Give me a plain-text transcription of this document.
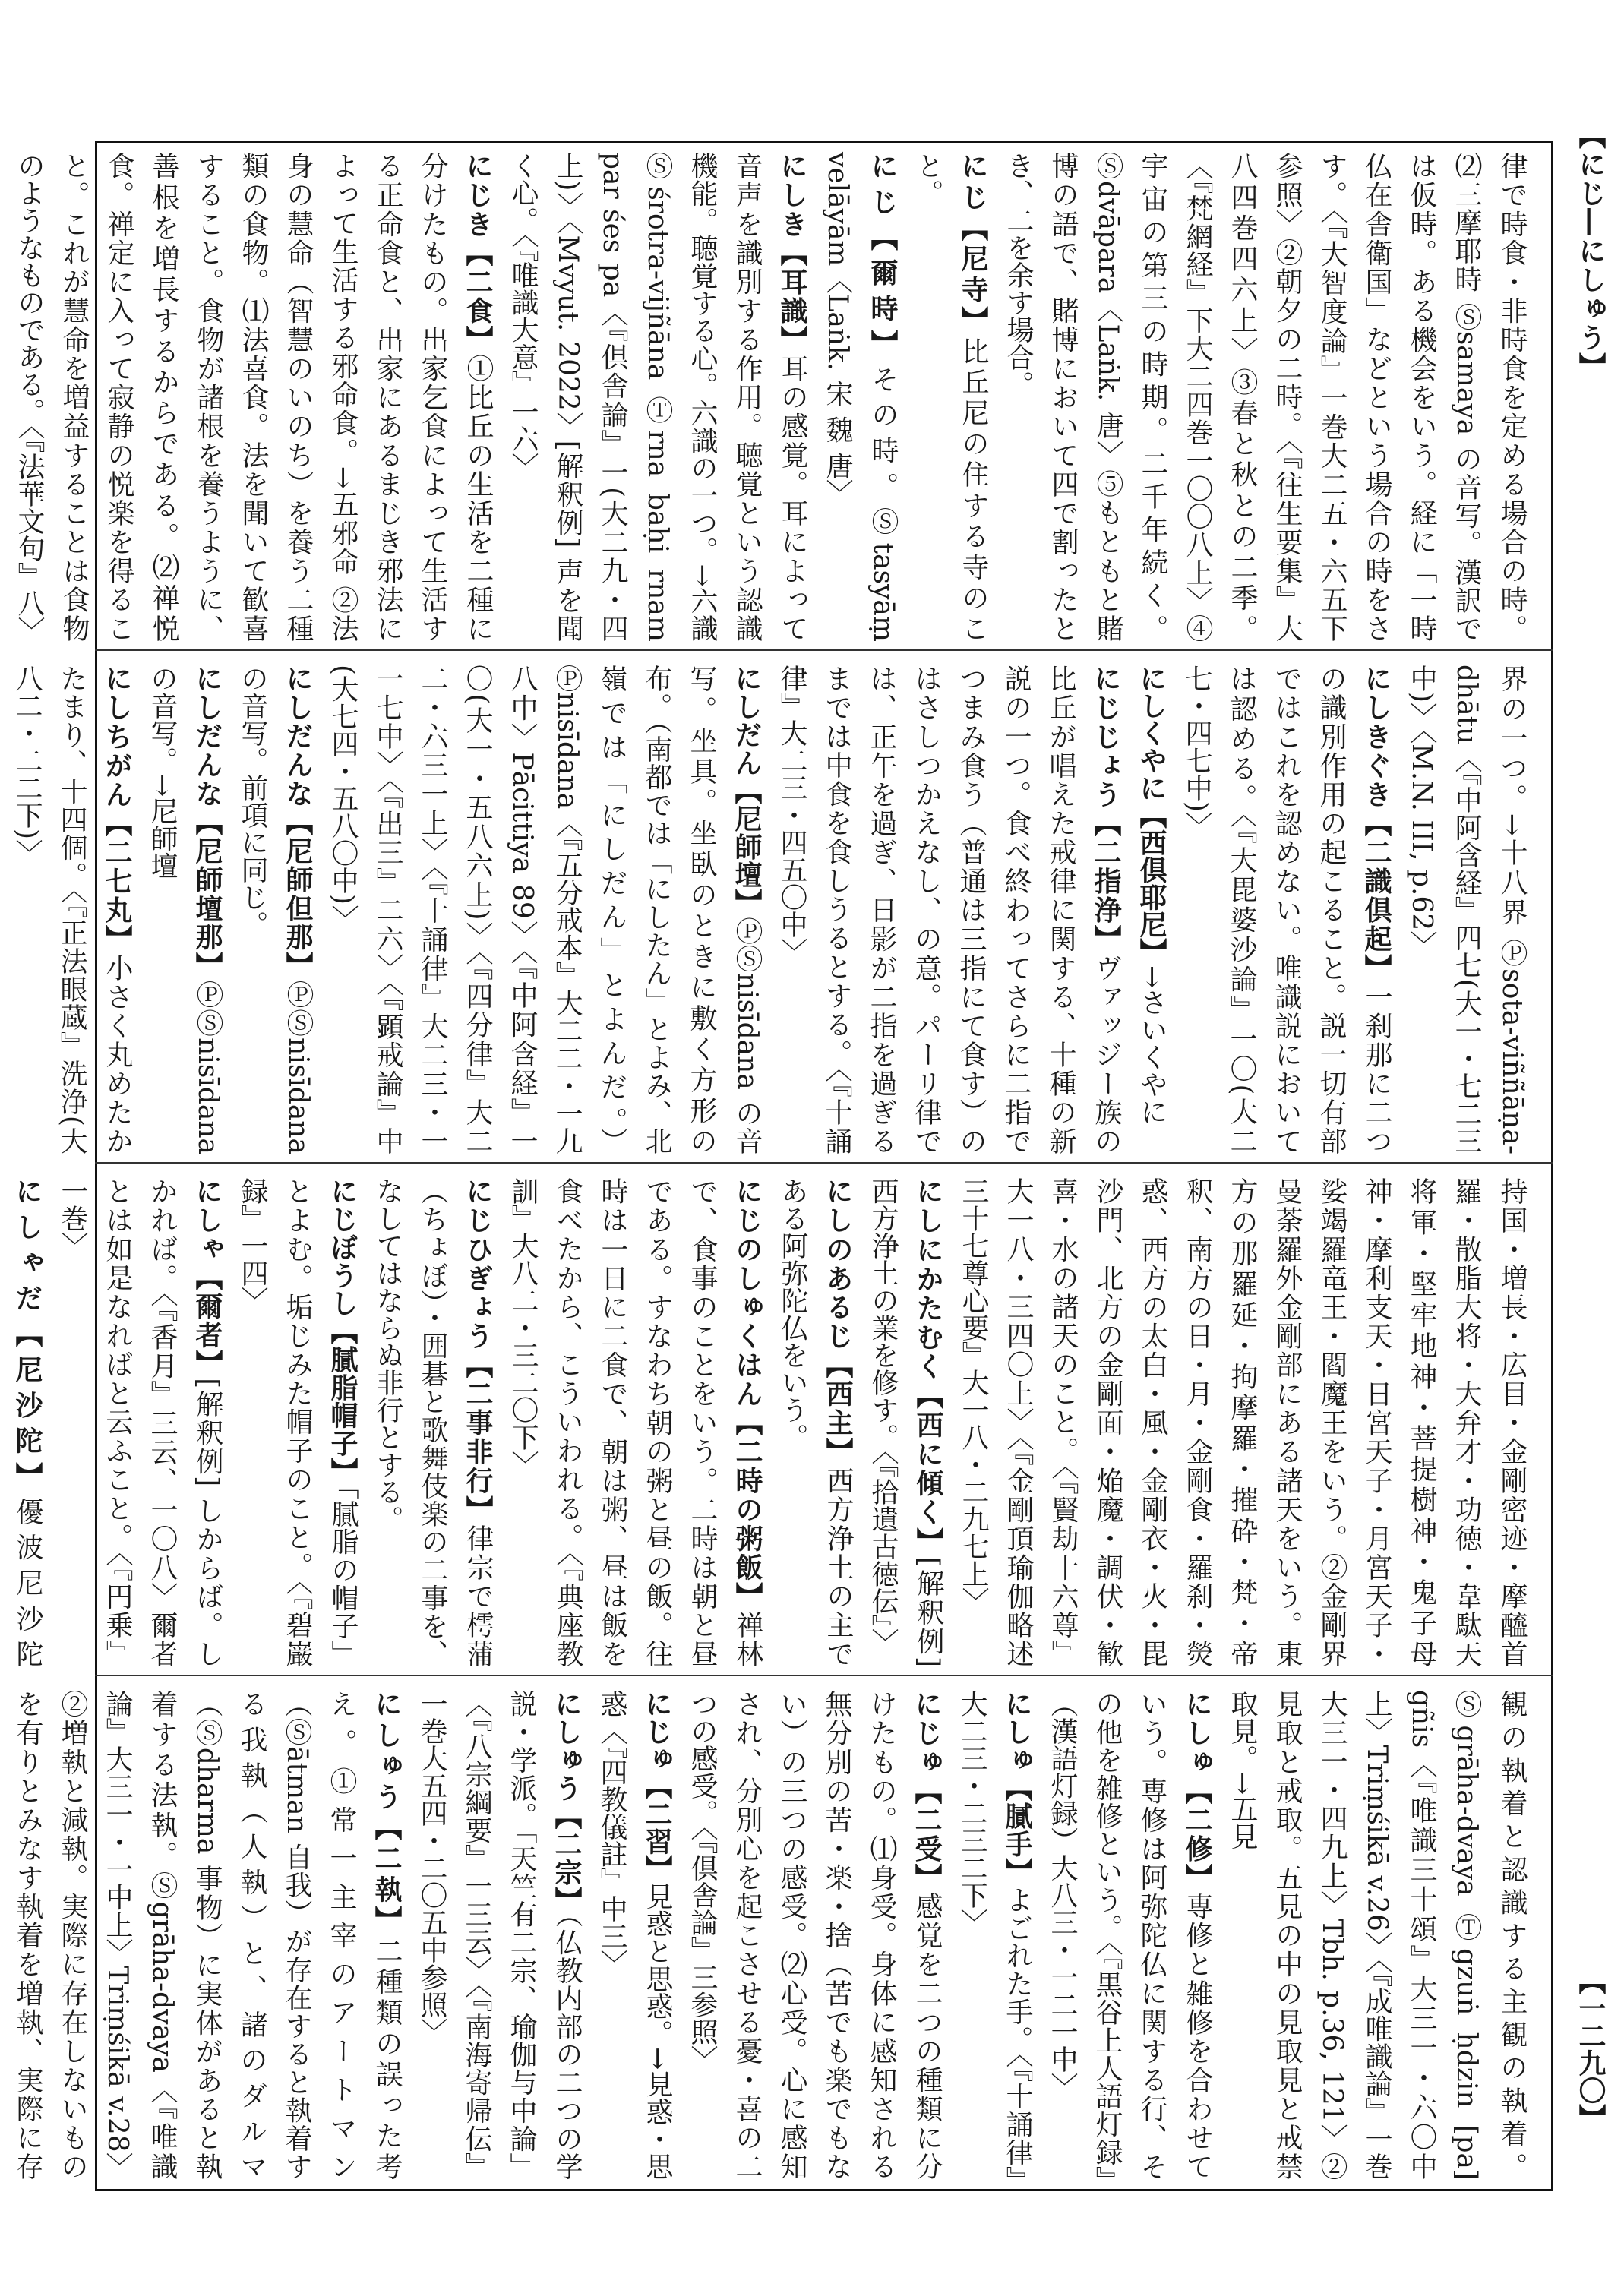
【にじ―にしゅう】
【一二九〇】

律で時食・非時食を定める場合の時。⑵三摩耶時 Ⓢsamaya の音写。漢訳では仮時。ある機会をいう。経に「一時仏在舎衛国」などという場合の時をさす。〈『大智度論』一巻大二五・六五下参照〉②朝夕の二時。〈『往生要集』大八四巻四六上〉③春と秋との二季。〈『梵網経』下大二四巻一〇〇八上〉④宇宙の第三の時期。二千年続く。Ⓢdvāpara〈Laṅk. 唐〉⑤もともと賭博の語で、賭博において四で割ったとき、二を余す場合。

にじ【尼寺】比丘尼の住する寺のこと。

にじ【爾時】その時。Ⓢtasyāṃ velāyām〈Laṅk. 宋 魏 唐〉

にしき【耳識】耳の感覚。耳によって音声を識別する作用。聴覚という認識機能。聴覚する心。六識の一つ。→六識 Ⓢśrotra-vijñāna Ⓣrna baḥi rnam par śes pa〈『倶舎論』一(大二九・四上)〉〈Mvyut. 2022〉[解釈例] 声を聞く心。〈『唯識大意』一六〉

にじき【二食】①比丘の生活を二種に分けたもの。出家乞食によって生活する正命食と、出家にあるまじき邪法によって生活する邪命食。→五邪命 ②法身の慧命（智慧のいのち）を養う二種類の食物。⑴法喜食。法を聞いて歓喜すること。食物が諸根を養うように、善根を増長するからである。⑵禅悦食。禅定に入って寂静の悦楽を得ること。これが慧命を増益することは食物のようなものである。〈『法華文句』八〉

界の一つ。→十八界 Ⓟsota-viññāṇa-dhātu〈『中阿含経』四七(大一・七二三中)〉〈M.N. III, p.62〉

にしきぐき【二識倶起】一刹那に二つの識別作用の起こること。説一切有部ではこれを認めない。唯識説においては認める。〈『大毘婆沙論』一〇(大二七・四七中)〉

にしくやに【西倶耶尼】→さいくやに

にじじょう【二指浄】ヴァッジー族の比丘が唱えた戒律に関する、十種の新説の一つ。食べ終わってさらに二指でつまみ食う（普通は三指にて食す）のはさしつかえなし、の意。パーリ律では、正午を過ぎ、日影が二指を過ぎるまでは中食を食しうるとする。〈『十誦律』大二三・四五〇中〉

にしだん【尼師壇】ⓅⓈnisīdana の音写。坐具。坐臥のときに敷く方形の布。（南都では「にしたん」とよみ、北嶺では「にしだん」とよんだ。）Ⓟnisīdana〈『五分戒本』大二二・一九八中〉Pācittiya 89〉〈『中阿含経』一〇(大一・五八六上)〉〈『四分律』大二二・六三一上〉〈『十誦律』大二三・一一七中〉〈『出三』二六〉〈『顕戒論』中(大七四・五八〇中)〉

にしだんな【尼師但那】ⓅⓈnisīdana の音写。前項に同じ。

にしだんな【尼師壇那】ⓅⓈnisīdana の音写。→尼師壇

にしちがん【二七丸】小さく丸めたかたまり、十四個。〈『正法眼蔵』洗浄(大八二・二二下)〉

持国・増長・広目・金剛密迹・摩醯首羅・散脂大将・大弁才・功徳・韋駄天将軍・堅牢地神・菩提樹神・鬼子母神・摩利支天・日宮天子・月宮天子・娑竭羅竜王・閻魔王をいう。②金剛界曼荼羅外金剛部にある諸天をいう。東方の那羅延・拘摩羅・摧砕・梵・帝釈、南方の日・月・金剛食・羅刹・熒惑、西方の太白・風・金剛衣・火・毘沙門、北方の金剛面・焔魔・調伏・歓喜・水の諸天のこと。〈『賢劫十六尊』大一八・三四〇上〉〈『金剛頂瑜伽略述三十七尊心要』大一八・二九七上〉

にしにかたむく【西に傾く】[解釈例] 西方浄土の業を修す。〈『拾遺古徳伝』〉

にしのあるじ【西主】西方浄土の主である阿弥陀仏をいう。

にじのしゅくはん【二時の粥飯】禅林で、食事のことをいう。二時は朝と昼である。すなわち朝の粥と昼の飯。往時は一日に二食で、朝は粥、昼は飯を食べたから、こういわれる。〈『典座教訓』大八二・三二〇下〉

にじひぎょう【二事非行】律宗で樗蒲（ちょぼ）・囲碁と歌舞伎楽の二事を、なしてはならぬ非行とする。

にじぼうし【膩脂帽子】「膩脂の帽子」とよむ。垢じみた帽子のこと。〈『碧巌録』一四〉

にしゃ【爾者】[解釈例] しからば。しかれば。〈『香月』三云、一〇八〉爾者とは如是なればと云ふこと。〈『円乗』一巻〉

にしゃだ【尼沙陀】優波尼沙陀

観の執着と認識する主観の執着。Ⓢgrāha-dvaya Ⓣgzuṅ ḥdzin [pa] gñis〈『唯識三十頌』大三一・六〇中上〉Triṃśikā v.26〉〈『成唯識論』一巻大三一・四九上〉Tbh. p.36, 121〉②見取と戒取。五見の中の見取見と戒禁取見。→五見

にしゅ【二修】専修と雑修を合わせていう。専修は阿弥陀仏に関する行、その他を雑修という。〈『黒谷上人語灯録』（漢語灯録）大八三・一二一中〉

にしゅ【膩手】よごれた手。〈『十誦律』大二三・二三二下〉

にじゅ【二受】感覚を二つの種類に分けたもの。⑴身受。身体に感知される無分別の苦・楽・捨（苦でも楽でもない）の三つの感受。⑵心受。心に感知され、分別心を起こさせる憂・喜の二つの感受。〈『倶舎論』三参照〉

にじゅ【二習】見惑と思惑。→見惑・思惑〈『四教儀註』中三〉

にしゅう【二宗】（仏教内部の二つの学説・学派。「天竺有二宗、瑜伽与中論」〈『八宗綱要』一三云〉〈『南海寄帰伝』一巻大五四・二〇五中参照〉

にしゅう【二執】二種類の誤った考え。①常一主宰のアートマン（Ⓢātman 自我）が存在すると執着する我執（人執）と、諸のダルマ（Ⓢdharma 事物）に実体があると執着する法執。Ⓢgrāha-dvaya〈『唯識論』大三一・一中上〉Triṃśikā v.28〉②増執と減執。実際に存在しないものを有りとみなす執着を増執、実際に存
